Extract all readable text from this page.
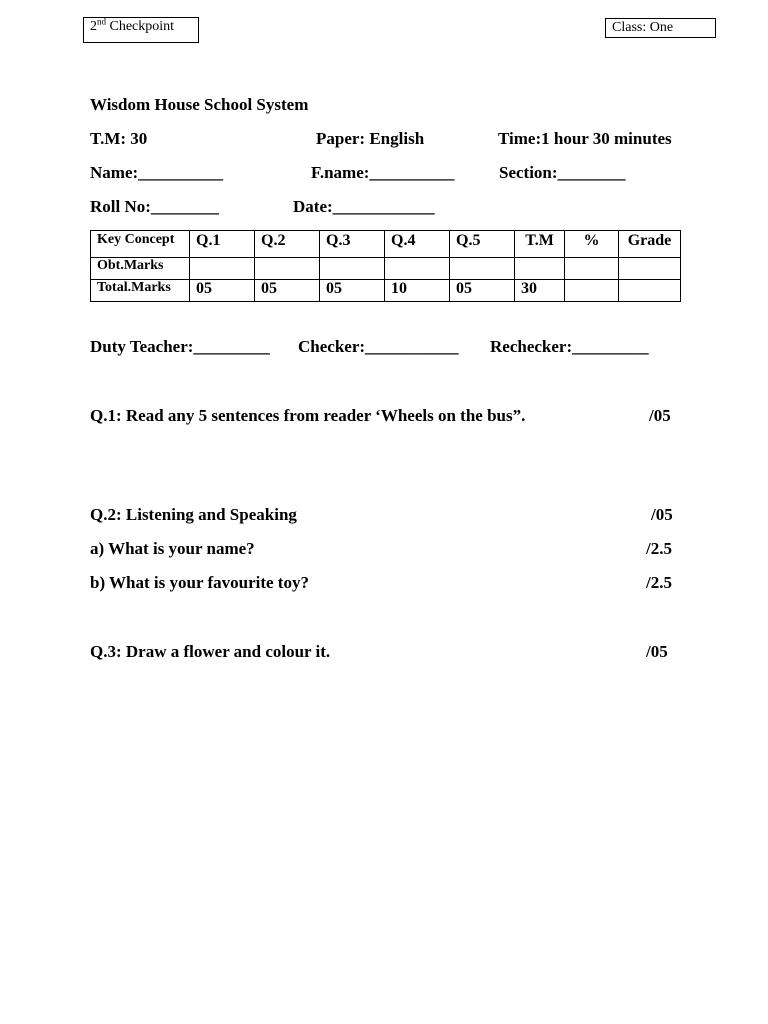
2nd Checkpoint	Class: One
Wisdom House School System
T.M: 30	Paper: English	Time:1 hour 30 minutes
Name:__________	F.name:__________	Section:________
Roll No:________	Date:____________
Key Concept	Q.1	Q.2	Q.3	Q.4	Q.5	T.M	%	Grade
Obt.Marks								
Total.Marks	05	05	05	10	05	30		
Duty Teacher:_________ Checker:___________ Rechecker:_________
Q.1: Read any 5 sentences from reader ‘Wheels on the bus”.	/05
Q.2: Listening and Speaking	/05
a) What is your name?	/2.5
b) What is your favourite toy?	/2.5
Q.3: Draw a flower and colour it.	/05
